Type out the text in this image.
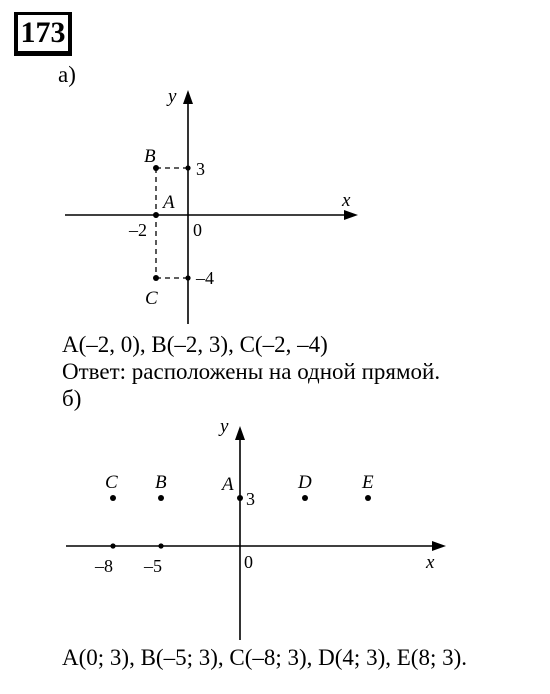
173
а)
y
x
B
A
C
3
–4
–2	0
y
x
C B	A	D	E
3
–8 –5	0
A(–2, 0), B(–2, 3), C(–2, –4)
Ответ: расположены на одной прямой.
б)
A(0; 3), B(–5; 3), C(–8; 3), D(4; 3), E(8; 3).
